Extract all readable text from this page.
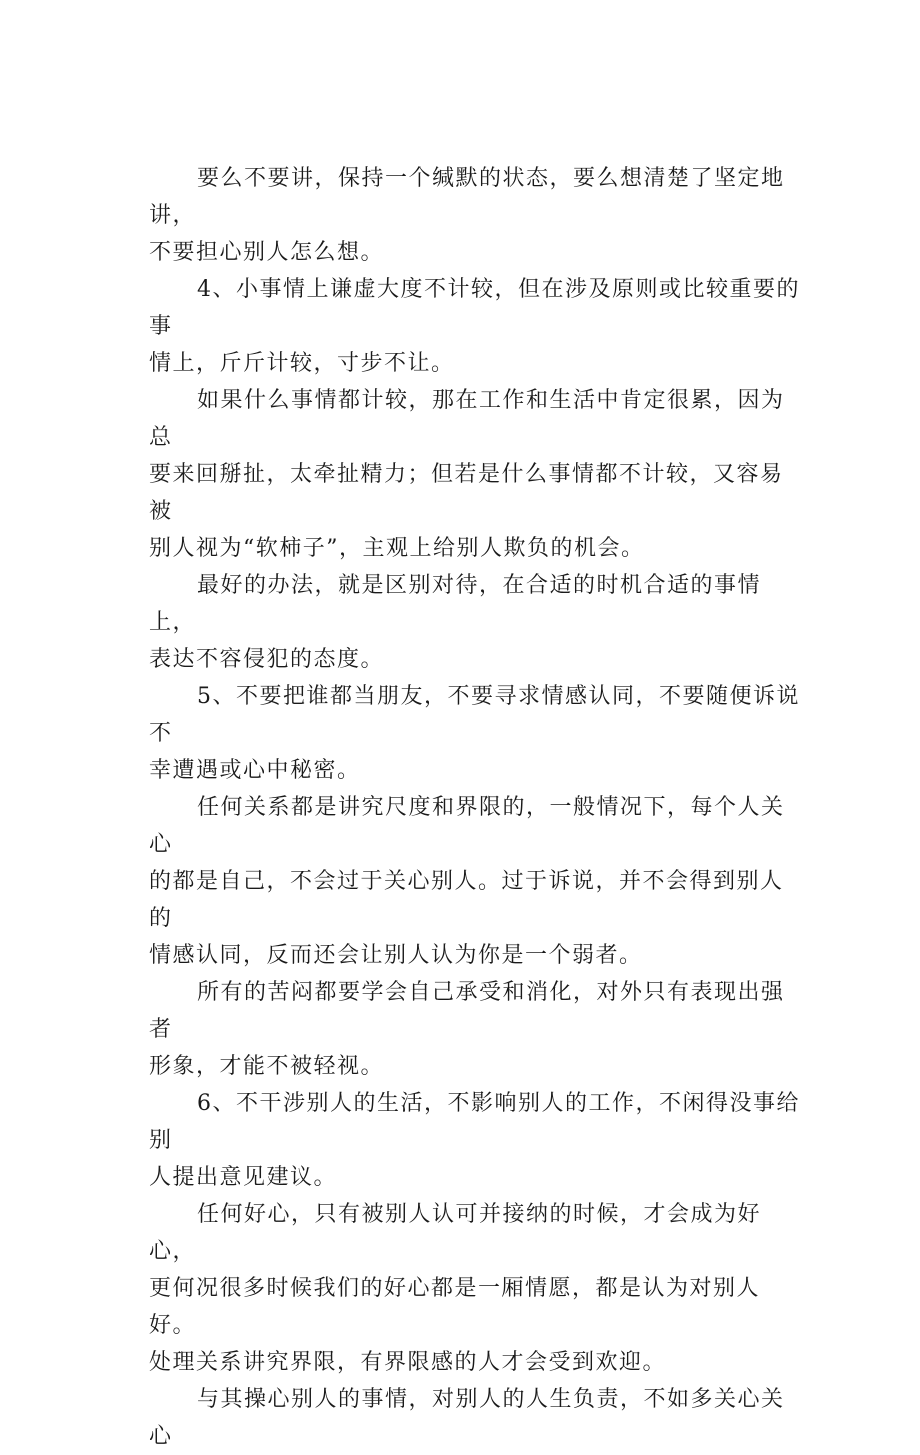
要么不要讲，保持一个缄默的状态，要么想清楚了坚定地讲，
不要担心别人怎么想。

4、小事情上谦虚大度不计较，但在涉及原则或比较重要的事
情上，斤斤计较，寸步不让。

如果什么事情都计较，那在工作和生活中肯定很累，因为总
要来回掰扯，太牵扯精力；但若是什么事情都不计较，又容易被
别人视为“软柿子”，主观上给别人欺负的机会。

最好的办法，就是区别对待，在合适的时机合适的事情上，
表达不容侵犯的态度。

5、不要把谁都当朋友，不要寻求情感认同，不要随便诉说不
幸遭遇或心中秘密。

任何关系都是讲究尺度和界限的，一般情况下，每个人关心
的都是自己，不会过于关心别人。过于诉说，并不会得到别人的
情感认同，反而还会让别人认为你是一个弱者。

所有的苦闷都要学会自己承受和消化，对外只有表现出强者
形象，才能不被轻视。

6、不干涉别人的生活，不影响别人的工作，不闲得没事给别
人提出意见建议。

任何好心，只有被别人认可并接纳的时候，才会成为好心，
更何况很多时候我们的好心都是一厢情愿，都是认为对别人好。
处理关系讲究界限，有界限感的人才会受到欢迎。

与其操心别人的事情，对别人的人生负责，不如多关心关心
